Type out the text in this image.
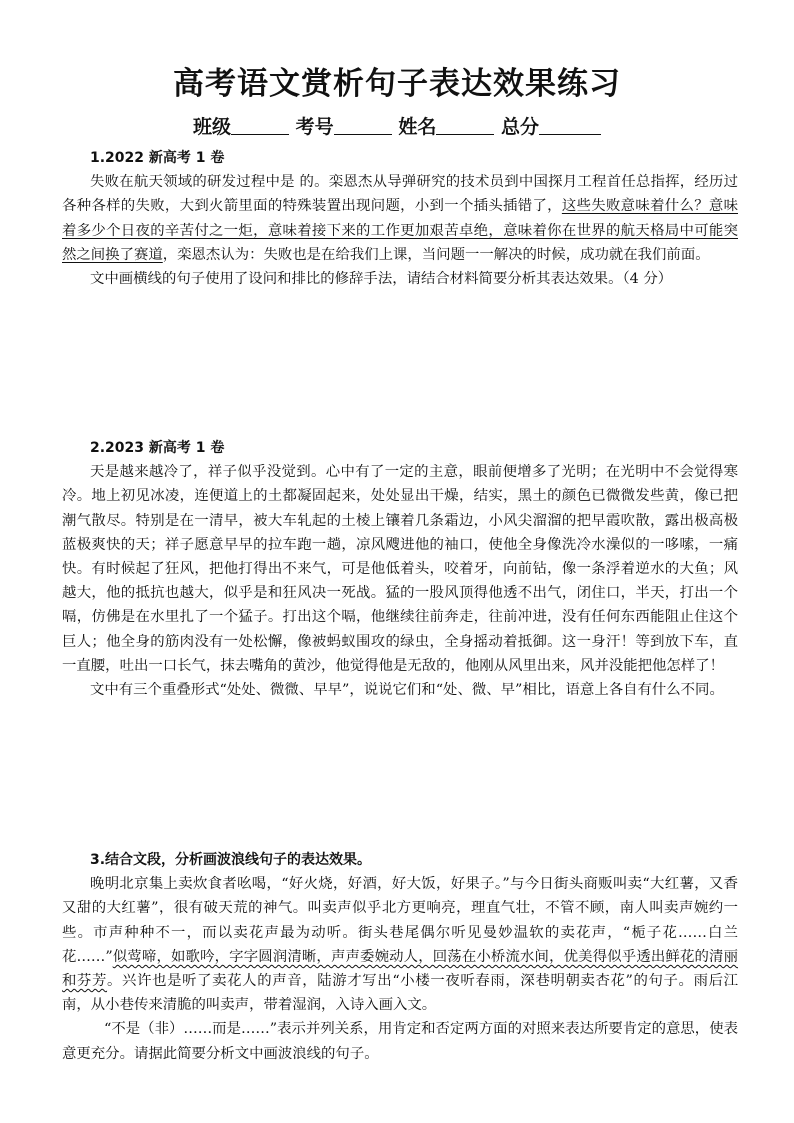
高考语文赏析句子表达效果练习
班级	考号	姓名	总分

1.2022 新高考 1 卷

失败在航天领域的研发过程中是 的。栾恩杰从导弹研究的技术员到中国探月工程首任总指挥，经历过各种各样的失败，大到火箭里面的特殊装置出现问题，小到一个插头插错了，这些失败意味着什么？意味着多少个日夜的辛苦付之一炬，意味着接下来的工作更加艰苦卓绝，意味着你在世界的航天格局中可能突然之间换了赛道，栾恩杰认为：失败也是在给我们上课，当问题一一解决的时候，成功就在我们前面。

文中画横线的句子使用了设问和排比的修辞手法，请结合材料简要分析其表达效果。（4 分）

2.2023 新高考 1 卷

天是越来越冷了，祥子似乎没觉到。心中有了一定的主意，眼前便增多了光明；在光明中不会觉得寒冷。地上初见冰凌，连便道上的土都凝固起来，处处显出干燥，结实，黑土的颜色已微微发些黄，像已把潮气散尽。特别是在一清早，被大车轧起的土棱上镶着几条霜边，小风尖溜溜的把早霞吹散，露出极高极蓝极爽快的天；祥子愿意早早的拉车跑一趟，凉风飕进他的袖口，使他全身像洗冷水澡似的一哆嗦，一痛快。有时候起了狂风，把他打得出不来气，可是他低着头，咬着牙，向前钻，像一条浮着逆水的大鱼；风越大，他的抵抗也越大，似乎是和狂风决一死战。猛的一股风顶得他透不出气，闭住口，半天，打出一个嗝，仿佛是在水里扎了一个猛子。打出这个嗝，他继续往前奔走，往前冲进，没有任何东西能阻止住这个巨人；他全身的筋肉没有一处松懈，像被蚂蚁围攻的绿虫，全身摇动着抵御。这一身汗！等到放下车，直一直腰，吐出一口长气，抹去嘴角的黄沙，他觉得他是无敌的，他刚从风里出来，风并没能把他怎样了！

文中有三个重叠形式“处处、微微、早早”，说说它们和“处、微、早”相比，语意上各自有什么不同。

3.结合文段，分析画波浪线句子的表达效果。

晚明北京集上卖炊食者吆喝，“好火烧，好酒，好大饭，好果子。”与今日街头商贩叫卖“大红薯，又香又甜的大红薯”，很有破天荒的神气。叫卖声似乎北方更响亮，理直气壮，不管不顾，南人叫卖声婉约一些。市声种种不一，而以卖花声最为动听。街头巷尾偶尔听见曼妙温软的卖花声，“栀子花……白兰花……”似莺啼，如歌吟，字字圆润清晰，声声委婉动人，回荡在小桥流水间，优美得似乎透出鲜花的清丽和芬芳。兴许也是听了卖花人的声音，陆游才写出“小楼一夜听春雨，深巷明朝卖杏花”的句子。雨后江南，从小巷传来清脆的叫卖声，带着湿润，入诗入画入文。

“不是（非）……而是……”表示并列关系，用肯定和否定两方面的对照来表达所要肯定的意思，使表意更充分。请据此简要分析文中画波浪线的句子。
